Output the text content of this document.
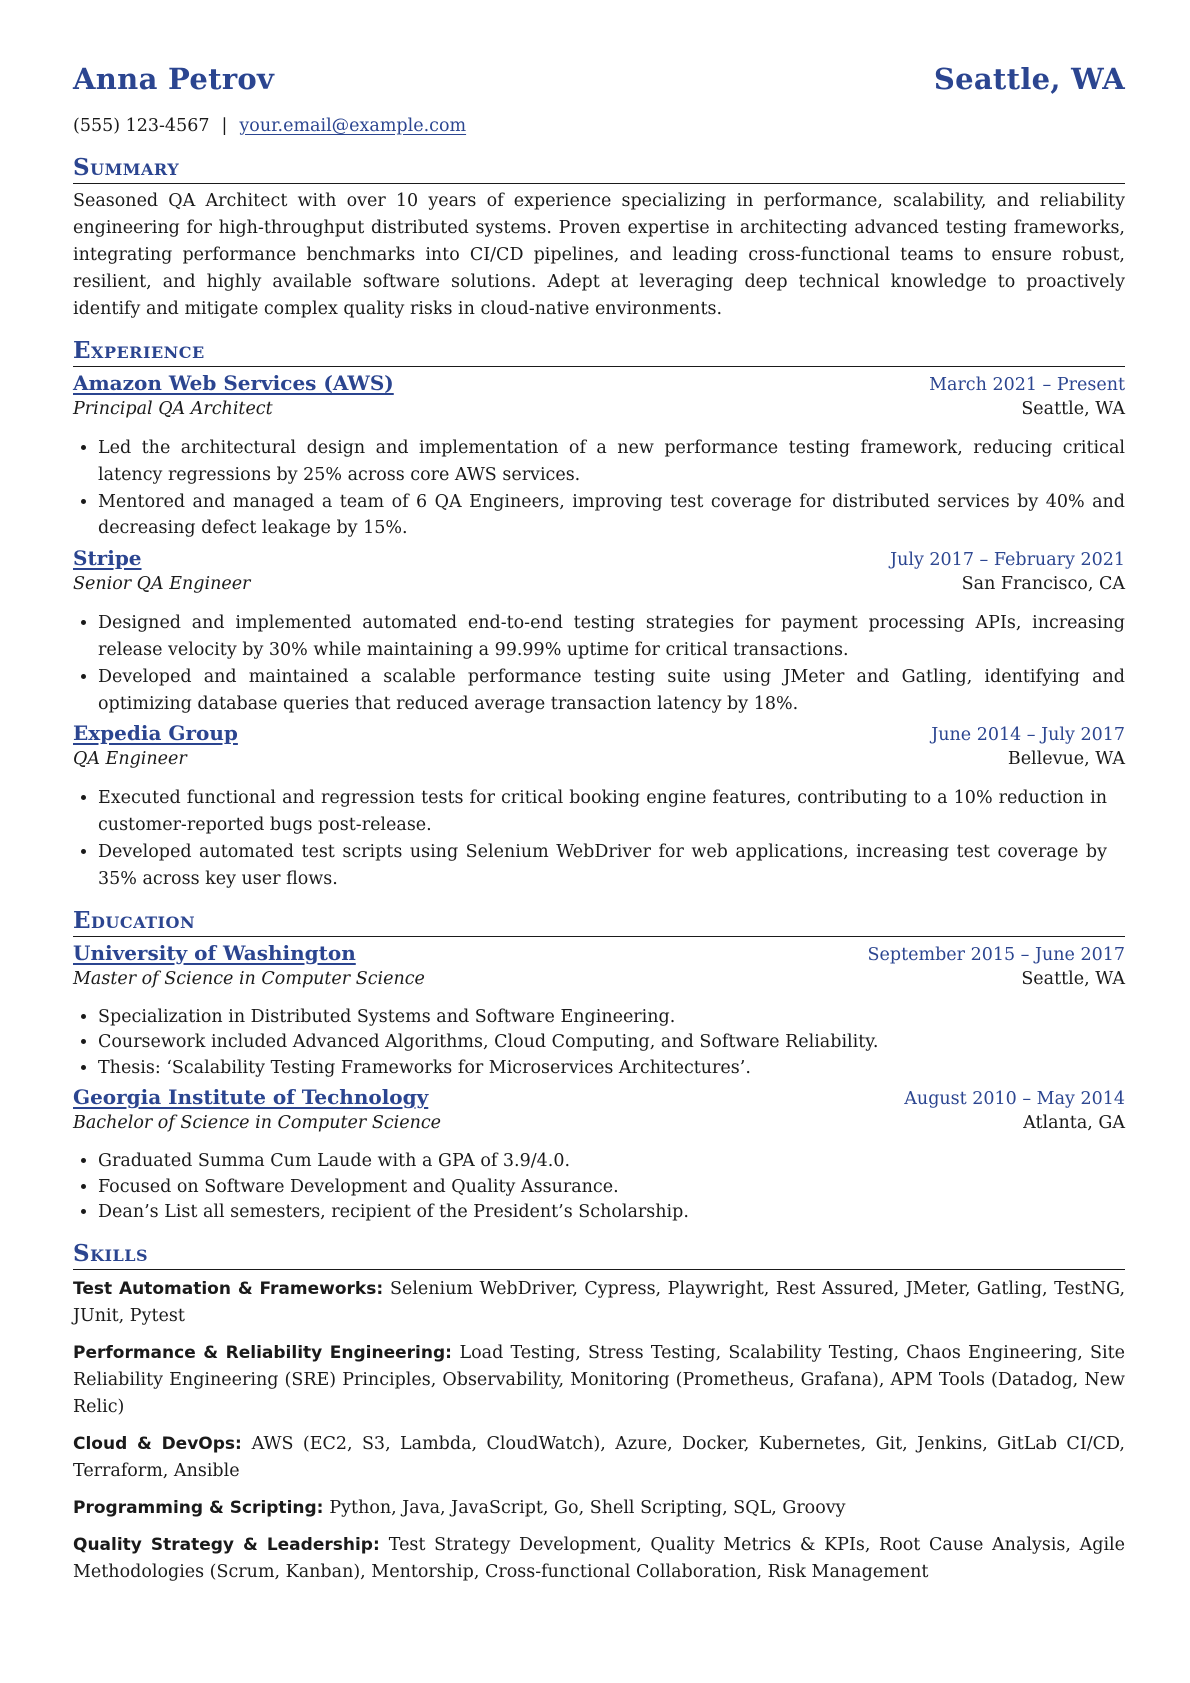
Anna Petrov	Seattle, WA
(555) 123-4567 | your.email@example.com
Summary
Seasoned QA Architect with over 10 years of experience specializing in performance, scalability, and reliability engineering for high-throughput distributed systems. Proven expertise in architecting advanced testing frameworks, integrating performance benchmarks into CI/CD pipelines, and leading cross-functional teams to ensure robust, resilient, and highly available software solutions. Adept at leveraging deep technical knowledge to proactively identify and mitigate complex quality risks in cloud-native environments.
Experience
Amazon Web Services (AWS)	March 2021 – Present
Principal QA Architect	Seattle, WA
• Led the architectural design and implementation of a new performance testing framework, reducing critical latency regressions by 25% across core AWS services.
• Mentored and managed a team of 6 QA Engineers, improving test coverage for distributed services by 40% and decreasing defect leakage by 15%.
Stripe	July 2017 – February 2021
Senior QA Engineer	San Francisco, CA
• Designed and implemented automated end-to-end testing strategies for payment processing APIs, increasing release velocity by 30% while maintaining a 99.99% uptime for critical transactions.
• Developed and maintained a scalable performance testing suite using JMeter and Gatling, identifying and optimizing database queries that reduced average transaction latency by 18%.
Expedia Group	June 2014 – July 2017
QA Engineer	Bellevue, WA
• Executed functional and regression tests for critical booking engine features, contributing to a 10% reduction in customer-reported bugs post-release.
• Developed automated test scripts using Selenium WebDriver for web applications, increasing test coverage by 35% across key user flows.
Education
University of Washington	September 2015 – June 2017
Master of Science in Computer Science	Seattle, WA
• Specialization in Distributed Systems and Software Engineering.
• Coursework included Advanced Algorithms, Cloud Computing, and Software Reliability.
• Thesis: ‘Scalability Testing Frameworks for Microservices Architectures’.
Georgia Institute of Technology	August 2010 – May 2014
Bachelor of Science in Computer Science	Atlanta, GA
• Graduated Summa Cum Laude with a GPA of 3.9/4.0.
• Focused on Software Development and Quality Assurance.
• Dean’s List all semesters, recipient of the President’s Scholarship.
Skills
Test Automation & Frameworks: Selenium WebDriver, Cypress, Playwright, Rest Assured, JMeter, Gatling, TestNG, JUnit, Pytest
Performance & Reliability Engineering: Load Testing, Stress Testing, Scalability Testing, Chaos Engineering, Site Reliability Engineering (SRE) Principles, Observability, Monitoring (Prometheus, Grafana), APM Tools (Datadog, New Relic)
Cloud & DevOps: AWS (EC2, S3, Lambda, CloudWatch), Azure, Docker, Kubernetes, Git, Jenkins, GitLab CI/CD, Terraform, Ansible
Programming & Scripting: Python, Java, JavaScript, Go, Shell Scripting, SQL, Groovy
Quality Strategy & Leadership: Test Strategy Development, Quality Metrics & KPIs, Root Cause Analysis, Agile Methodologies (Scrum, Kanban), Mentorship, Cross-functional Collaboration, Risk Management
